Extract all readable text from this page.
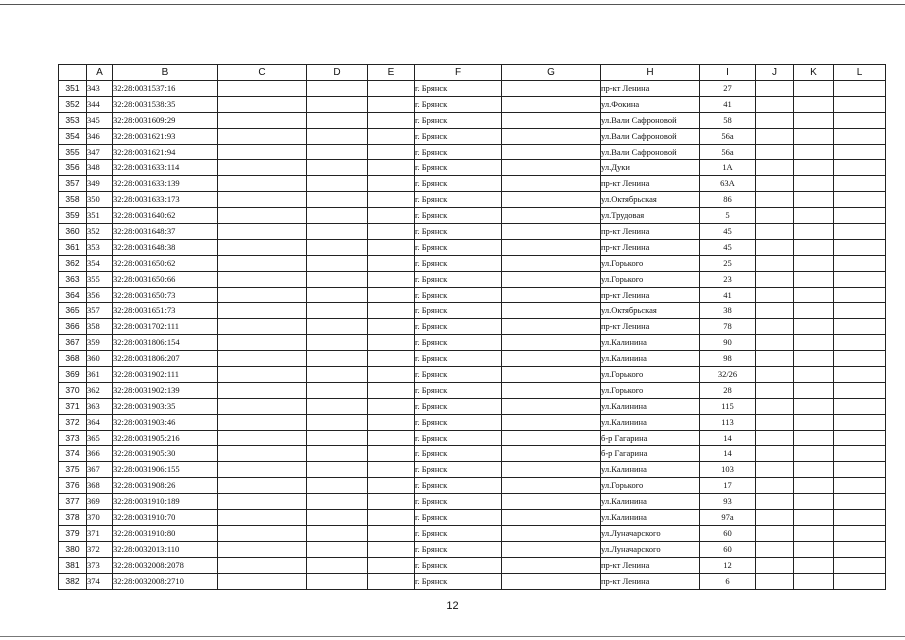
	A	B	C	D	E	F	G	H	I	J	K	L
351	343	32:28:0031537:16				г. Брянск		пр-кт Ленина	27			
352	344	32:28:0031538:35				г. Брянск		ул.Фокина	41			
353	345	32:28:0031609:29				г. Брянск		ул.Вали Сафроновой	58			
354	346	32:28:0031621:93				г. Брянск		ул.Вали Сафроновой	56а			
355	347	32:28:0031621:94				г. Брянск		ул.Вали Сафроновой	56а			
356	348	32:28:0031633:114				г. Брянск		ул.Дуки	1А			
357	349	32:28:0031633:139				г. Брянск		пр-кт Ленина	63А			
358	350	32:28:0031633:173				г. Брянск		ул.Октябрьская	86			
359	351	32:28:0031640:62				г. Брянск		ул.Трудовая	5			
360	352	32:28:0031648:37				г. Брянск		пр-кт Ленина	45			
361	353	32:28:0031648:38				г. Брянск		пр-кт Ленина	45			
362	354	32:28:0031650:62				г. Брянск		ул.Горького	25			
363	355	32:28:0031650:66				г. Брянск		ул.Горького	23			
364	356	32:28:0031650:73				г. Брянск		пр-кт Ленина	41			
365	357	32:28:0031651:73				г. Брянск		ул.Октябрьская	38			
366	358	32:28:0031702:111				г. Брянск		пр-кт Ленина	78			
367	359	32:28:0031806:154				г. Брянск		ул.Калинина	90			
368	360	32:28:0031806:207				г. Брянск		ул.Калинина	98			
369	361	32:28:0031902:111				г. Брянск		ул.Горького	32/26			
370	362	32:28:0031902:139				г. Брянск		ул.Горького	28			
371	363	32:28:0031903:35				г. Брянск		ул.Калинина	115			
372	364	32:28:0031903:46				г. Брянск		ул.Калинина	113			
373	365	32:28:0031905:216				г. Брянск		б-р Гагарина	14			
374	366	32:28:0031905:30				г. Брянск		б-р Гагарина	14			
375	367	32:28:0031906:155				г. Брянск		ул.Калинина	103			
376	368	32:28:0031908:26				г. Брянск		ул.Горького	17			
377	369	32:28:0031910:189				г. Брянск		ул.Калинина	93			
378	370	32:28:0031910:70				г. Брянск		ул.Калинина	97а			
379	371	32:28:0031910:80				г. Брянск		ул.Луначарского	60			
380	372	32:28:0032013:110				г. Брянск		ул.Луначарского	60			
381	373	32:28:0032008:2078				г. Брянск		пр-кт Ленина	12			
382	374	32:28:0032008:2710				г. Брянск		пр-кт Ленина	6			
12
